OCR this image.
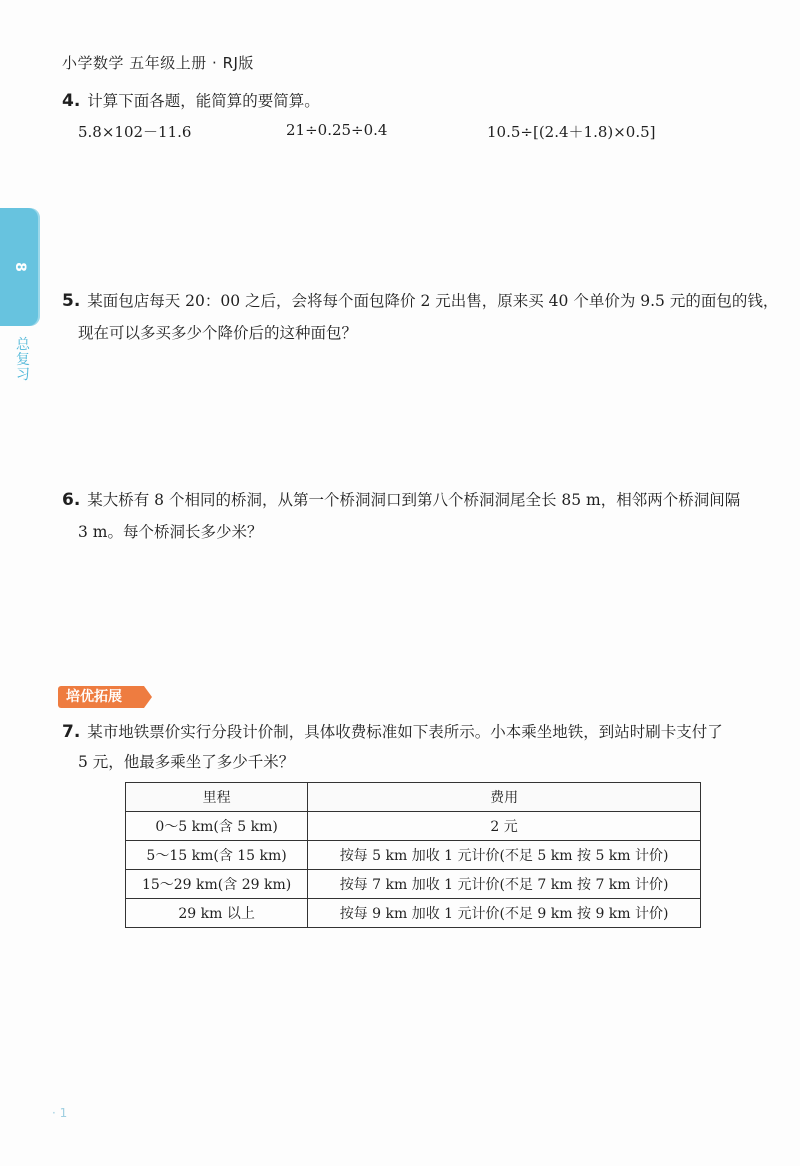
小学数学 五年级上册 · RJ版
8
总复习
4. 计算下面各题，能简算的要简算。
5.8×102－11.6	21÷0.25÷0.4	10.5÷[(2.4＋1.8)×0.5]
5. 某面包店每天 20：00 之后，会将每个面包降价 2 元出售，原来买 40 个单价为 9.5 元的面包的钱，
现在可以多买多少个降价后的这种面包？
6. 某大桥有 8 个相同的桥洞，从第一个桥洞洞口到第八个桥洞洞尾全长 85 m，相邻两个桥洞间隔
3 m。每个桥洞长多少米？
培优拓展
7. 某市地铁票价实行分段计价制，具体收费标准如下表所示。小本乘坐地铁，到站时刷卡支付了
5 元，他最多乘坐了多少千米？
里程	费用
0～5 km(含 5 km)	2 元
5～15 km(含 15 km)	按每 5 km 加收 1 元计价(不足 5 km 按 5 km 计价)
15～29 km(含 29 km)	按每 7 km 加收 1 元计价(不足 7 km 按 7 km 计价)
29 km 以上	按每 9 km 加收 1 元计价(不足 9 km 按 9 km 计价)
· 1
